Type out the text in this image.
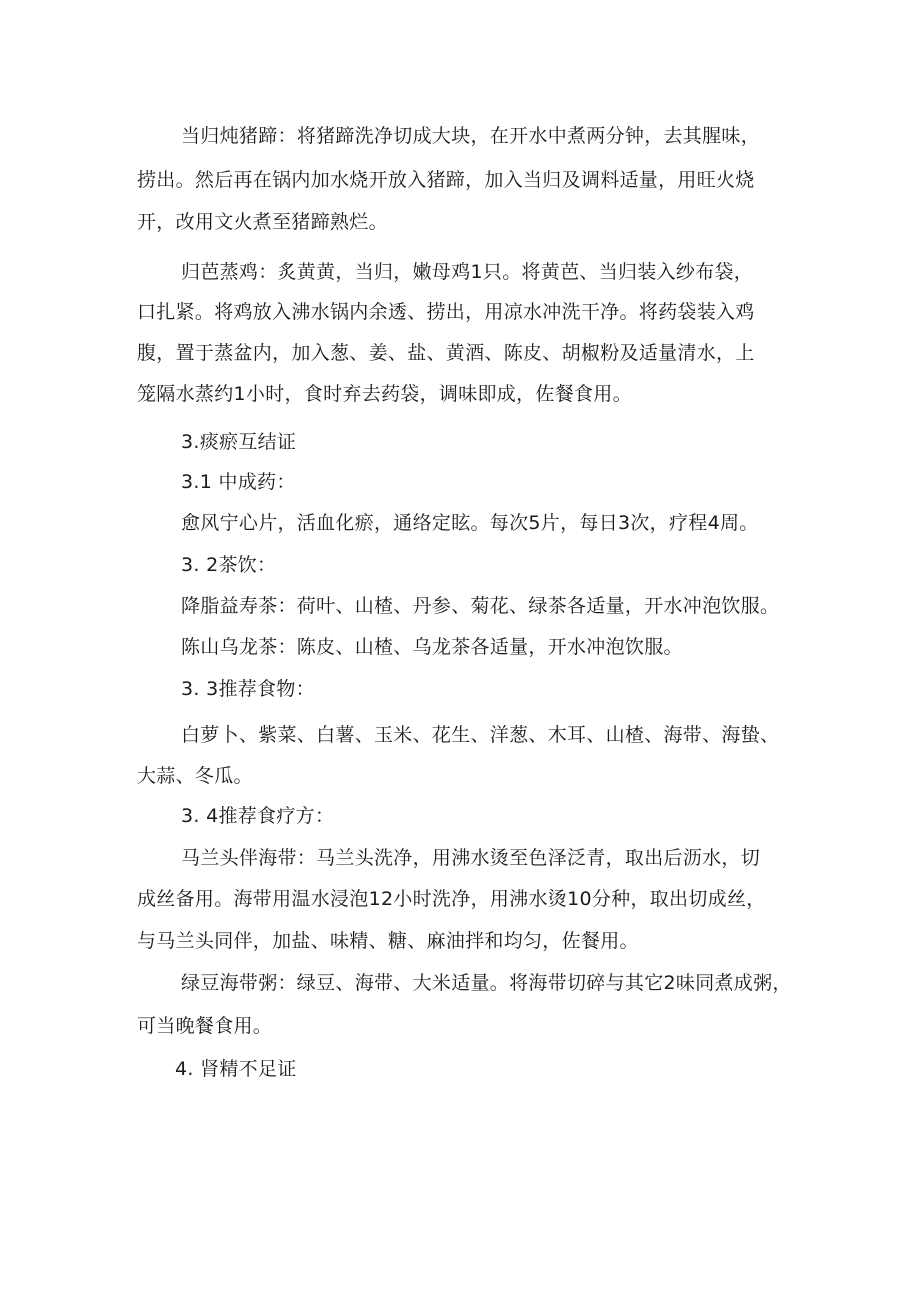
当归炖猪蹄：将猪蹄洗净切成大块，在开水中煮两分钟，去其腥味，
捞出。然后再在锅内加水烧开放入猪蹄，加入当归及调料适量，用旺火烧
开，改用文火煮至猪蹄熟烂。
归芭蒸鸡：炙黄黄，当归，嫩母鸡1只。将黄芭、当归装入纱布袋，
口扎紧。将鸡放入沸水锅内余透、捞出，用凉水冲洗干净。将药袋装入鸡
腹，置于蒸盆内，加入葱、姜、盐、黄酒、陈皮、胡椒粉及适量清水，上
笼隔水蒸约1小时，食时弃去药袋，调味即成，佐餐食用。
3.痰瘀互结证
3.1 中成药：
愈风宁心片，活血化瘀，通络定眩。每次5片，每日3次，疗程4周。
3. 2茶饮：
降脂益寿茶：荷叶、山楂、丹参、菊花、绿茶各适量，开水冲泡饮服。
陈山乌龙茶：陈皮、山楂、乌龙茶各适量，开水冲泡饮服。
3. 3推荐食物：
白萝卜、紫菜、白薯、玉米、花生、洋葱、木耳、山楂、海带、海蛰、
大蒜、冬瓜。
3. 4推荐食疗方：
马兰头伴海带：马兰头洗净，用沸水烫至色泽泛青，取出后沥水，切
成丝备用。海带用温水浸泡12小时洗净，用沸水烫10分种，取出切成丝，
与马兰头同伴，加盐、味精、糖、麻油拌和均匀，佐餐用。
绿豆海带粥：绿豆、海带、大米适量。将海带切碎与其它2味同煮成粥，
可当晚餐食用。
4. 肾精不足证
